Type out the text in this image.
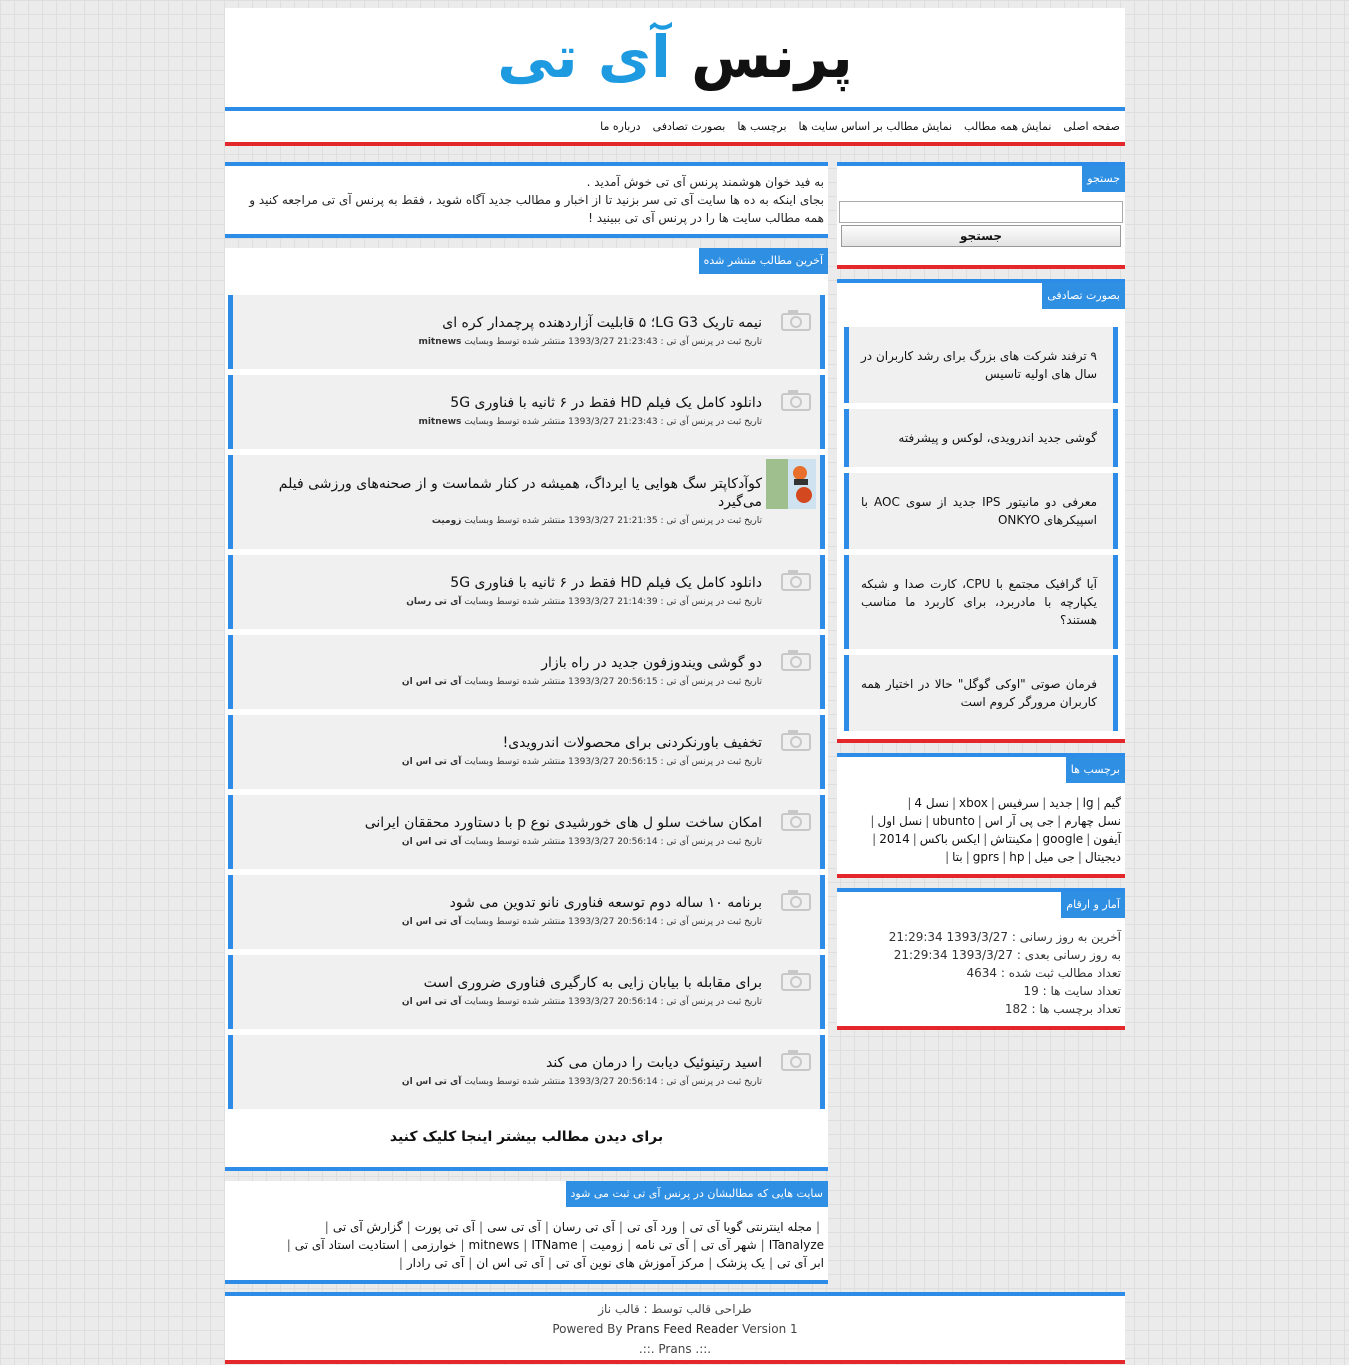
پرنس آی تی
صفحه اصلی
نمایش همه مطالب
نمایش مطالب بر اساس سایت ها
برچسب ها
بصورت تصادفی
درباره ما
جستجو
جستجو
بصورت تصادفی
۹ ترفند شرکت های بزرگ برای رشد کاربران در سال های اولیه تاسیس
گوشی جدید اندرویدی، لوکس و پیشرفته
معرفی دو مانیتور IPS جدید از سوی AOC با اسپیکرهای ONKYO
آیا گرافیک مجتمع با CPU، کارت صدا و شبکه یکپارچه با مادربرد، برای کاربرد ما مناسب هستند؟
فرمان صوتی "اوکی گوگل" حالا در اختیار همه کاربران مرورگر کروم است
برچسب ها
گیم|lg|جدید|سرفیس|xbox|نسل 4|
نسل چهارم|جی پی آر اس|ubunto|نسل اول|
آیفون|google|مکینتاش|ایکس باکس|2014|
دیجیتال|جی میل|gprs | hp|بتا|
آمار و ارقام
آخرین به روز رسانی : 1393/3/27 21:29:34
به روز رسانی بعدی : 1393/3/27 21:29:34
تعداد مطالب ثبت شده : 4634
تعداد سایت ها : 19
تعداد برچسب ها : 182
به فید خوان هوشمند پرنس آی تی خوش آمدید .
بجای اینکه به ده ها سایت آی تی سر بزنید تا از اخبار و مطالب جدید آگاه شوید ، فقط به پرنس آی تی مراجعه کنید و همه مطالب سایت ها را در پرنس آی تی ببینید !
آخرین مطالب منتشر شده
نیمه تاریک LG G3؛ ۵ قابلیت آزاردهنده پرچمدار کره ای
تاریخ ثبت در پرنس آی تی : 21:23:43 1393/3/27 منتشر شده توسط وبسایت mitnews
دانلود کامل یک فیلم HD فقط در ۶ ثانیه با فناوری 5G
تاریخ ثبت در پرنس آی تی : 21:23:43 1393/3/27 منتشر شده توسط وبسایت mitnews
کوآدکاپتر سگ هوایی یا ایرداگ، همیشه در کنار شماست و از صحنه‌های ورزشی فیلم می‌گیرد
تاریخ ثبت در پرنس آی تی : 21:21:35 1393/3/27 منتشر شده توسط وبسایت زومیت
دانلود کامل یک فیلم HD فقط در ۶ ثانیه با فناوری 5G
تاریخ ثبت در پرنس آی تی : 21:14:39 1393/3/27 منتشر شده توسط وبسایت آی تی رسان
دو گوشی ویندوزفون جدید در راه بازار
تاریخ ثبت در پرنس آی تی : 20:56:15 1393/3/27 منتشر شده توسط وبسایت آی تی اس ان
تخفیف باورنکردنی برای محصولات اندرویدی!
تاریخ ثبت در پرنس آی تی : 20:56:15 1393/3/27 منتشر شده توسط وبسایت آی تی اس ان
امکان ساخت سلو ل های خورشیدی نوع p با دستاورد محققان ایرانی
تاریخ ثبت در پرنس آی تی : 20:56:14 1393/3/27 منتشر شده توسط وبسایت آی تی اس ان
برنامه ۱۰ ساله دوم توسعه فناوری نانو تدوین می شود
تاریخ ثبت در پرنس آی تی : 20:56:14 1393/3/27 منتشر شده توسط وبسایت آی تی اس ان
برای مقابله با بیابان زایی به کارگیری فناوری ضروری است
تاریخ ثبت در پرنس آی تی : 20:56:14 1393/3/27 منتشر شده توسط وبسایت آی تی اس ان
اسید رتینوئیک دیابت را درمان می کند
تاریخ ثبت در پرنس آی تی : 20:56:14 1393/3/27 منتشر شده توسط وبسایت آی تی اس ان
برای دیدن مطالب بیشتر اینجا کلیک کنید
سایت هایی که مطالبشان در پرنس آی تی ثبت می شود
|مجله اینترنتی گویا آی تی|ورد آی تی|آی تی رسان|آی تی سی|آی تی پورت|گزارش آی تی|
ITanalyze|شهر آی تی|آی تی نامه|زومیت|mitnews | ITName|خوارزمی|استادیت استاد آی تی|
ابر آی تی|یک پزشک|مرکز آموزش های نوین آی تی|آی تی اس ان|آی تی رادار|
طراحی قالب توسط : قالب ناز
Powered By Prans Feed Reader Version 1
.::. Prans .::.
